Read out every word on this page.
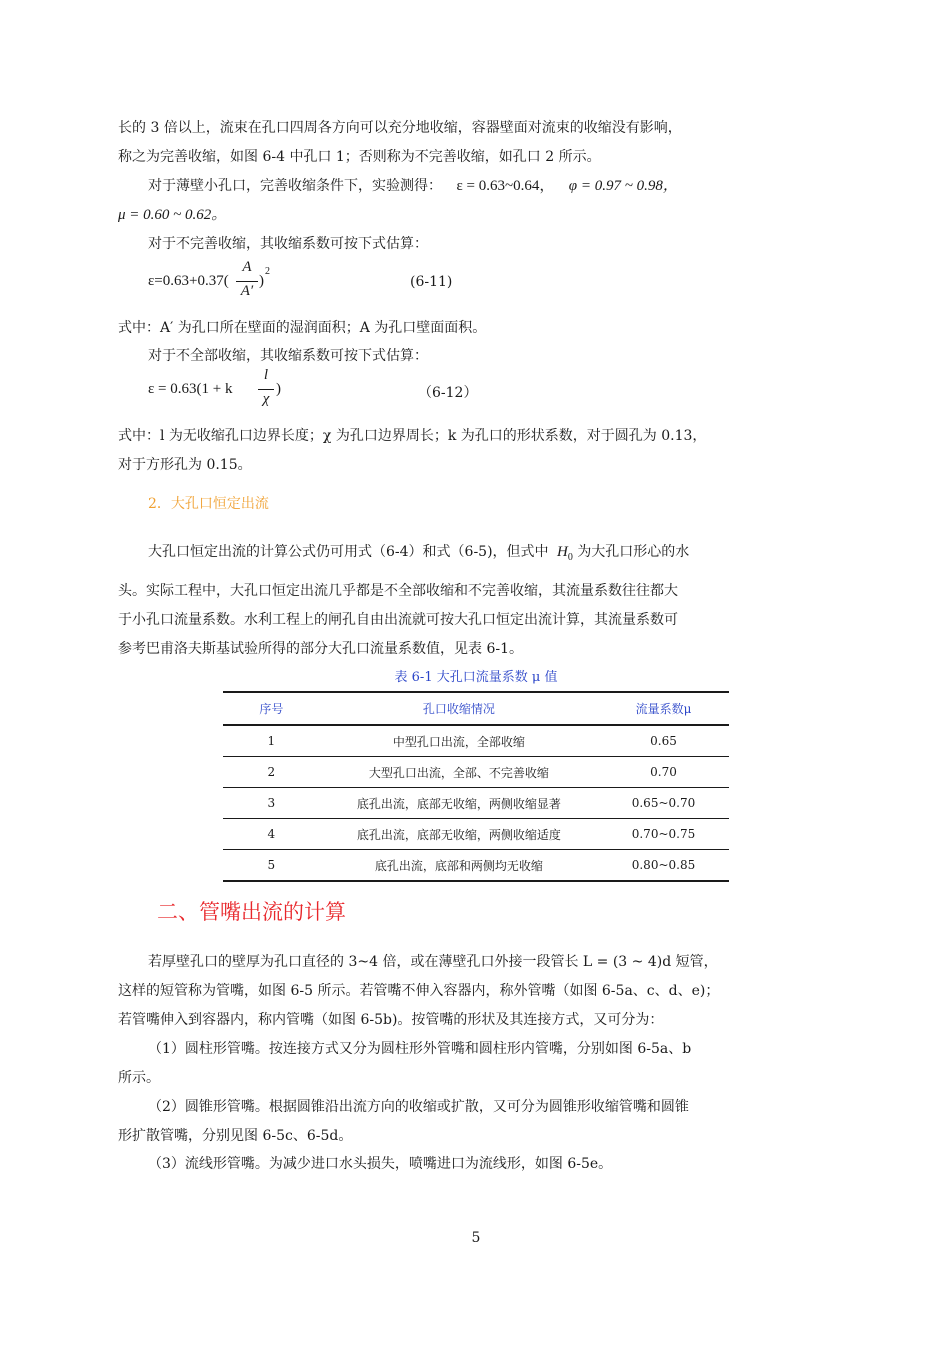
长的 3 倍以上，流束在孔口四周各方向可以充分地收缩，容器壁面对流束的收缩没有影响，
称之为完善收缩，如图 6-4 中孔口 1；否则称为不完善收缩，如孔口 2 所示。
对于薄壁小孔口，完善收缩条件下，实验测得： ε = 0.63~0.64， φ = 0.97 ~ 0.98，
μ = 0.60 ~ 0.62。
对于不完善收缩，其收缩系数可按下式估算：
ε=0.63+0.37(
A
A′
)
2
(6-11)
式中：A′ 为孔口所在壁面的湿润面积；A 为孔口壁面面积。
对于不全部收缩，其收缩系数可按下式估算：
ε = 0.63(1 + k
l
χ
)	（6-12）
式中：l 为无收缩孔口边界长度；χ 为孔口边界周长；k 为孔口的形状系数，对于圆孔为 0.13，
对于方形孔为 0.15。
2．大孔口恒定出流
大孔口恒定出流的计算公式仍可用式（6-4）和式（6-5)，但式中 $H_0$ 为大孔口形心的水
头。实际工程中，大孔口恒定出流几乎都是不全部收缩和不完善收缩，其流量系数往往都大
于小孔口流量系数。水利工程上的闸孔自由出流就可按大孔口恒定出流计算，其流量系数可
参考巴甫洛夫斯基试验所得的部分大孔口流量系数值，见表 6-1。
表 6-1 大孔口流量系数 μ 值
序号	孔口收缩情况	流量系数μ
1	中型孔口出流，全部收缩	0.65
2	大型孔口出流，全部、不完善收缩	0.70
3	底孔出流，底部无收缩，两侧收缩显著	0.65~0.70
4	底孔出流，底部无收缩，两侧收缩适度	0.70~0.75
5	底孔出流，底部和两侧均无收缩	0.80~0.85
二、管嘴出流的计算
若厚壁孔口的壁厚为孔口直径的 3~4 倍，或在薄壁孔口外接一段管长 L = (3 ~ 4)d 短管，
这样的短管称为管嘴，如图 6-5 所示。若管嘴不伸入容器内，称外管嘴（如图 6-5a、c、d、e)；
若管嘴伸入到容器内，称内管嘴（如图 6-5b)。按管嘴的形状及其连接方式，又可分为：
（1）圆柱形管嘴。按连接方式又分为圆柱形外管嘴和圆柱形内管嘴，分别如图 6-5a、b
所示。
（2）圆锥形管嘴。根据圆锥沿出流方向的收缩或扩散，又可分为圆锥形收缩管嘴和圆锥
形扩散管嘴，分别见图 6-5c、6-5d。
（3）流线形管嘴。为减少进口水头损失，喷嘴进口为流线形，如图 6-5e。
5
